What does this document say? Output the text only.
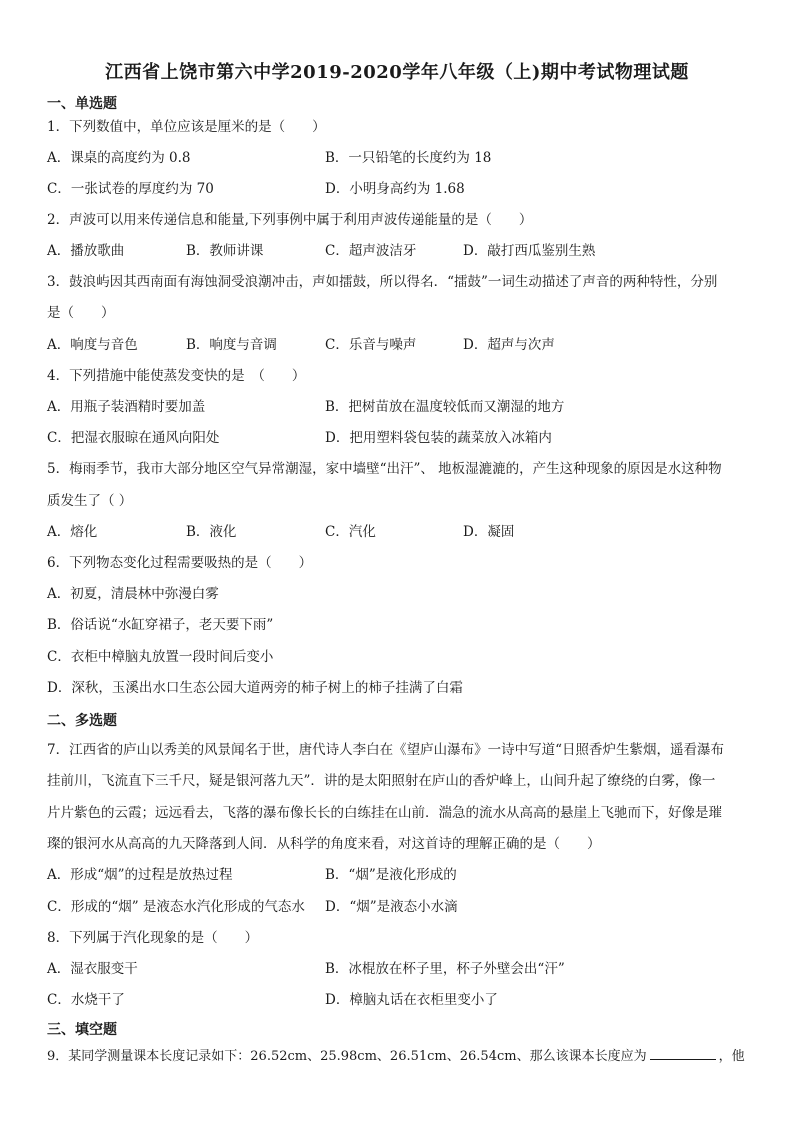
江西省上饶市第六中学2019-2020学年八年级（上)期中考试物理试题
一、单选题
1．下列数值中，单位应该是厘米的是（　　）
A．课桌的高度约为 0.8	B．一只铅笔的长度约为 18
C．一张试卷的厚度约为 70	D．小明身高约为 1.68
2．声波可以用来传递信息和能量,下列事例中属于利用声波传递能量的是（　　）
A．播放歌曲	B．教师讲课	C．超声波洁牙	D．敲打西瓜鉴别生熟
3．鼓浪屿因其西南面有海蚀洞受浪潮冲击，声如擂鼓，所以得名．“擂鼓”一词生动描述了声音的两种特性，分别
是（　　）
A．响度与音色	B．响度与音调	C．乐音与噪声	D．超声与次声
4．下列措施中能使蒸发变快的是　（　　）
A．用瓶子装酒精时要加盖	B．把树苗放在温度较低而又潮湿的地方
C．把湿衣服晾在通风向阳处	D．把用塑料袋包装的蔬菜放入冰箱内
5．梅雨季节，我市大部分地区空气异常潮湿，家中墙壁“出汗”、 地板湿漉漉的，产生这种现象的原因是水这种物
质发生了（ ）
A．熔化	B．液化	C．汽化	D．凝固
6．下列物态变化过程需要吸热的是（　　）
A．初夏，清晨林中弥漫白雾
B．俗话说“水缸穿裙子，老天要下雨”
C．衣柜中樟脑丸放置一段时间后变小
D．深秋，玉溪出水口生态公园大道两旁的柿子树上的柿子挂满了白霜
二、多选题
7．江西省的庐山以秀美的风景闻名于世，唐代诗人李白在《望庐山瀑布》一诗中写道“日照香炉生紫烟，遥看瀑布
挂前川，飞流直下三千尺，疑是银河落九天”．讲的是太阳照射在庐山的香炉峰上，山间升起了缭绕的白雾，像一
片片紫色的云霞；远远看去，飞落的瀑布像长长的白练挂在山前．湍急的流水从高高的悬崖上飞驰而下，好像是璀
璨的银河水从高高的九天降落到人间．从科学的角度来看，对这首诗的理解正确的是（　　）
A．形成“烟”的过程是放热过程	B．“烟”是液化形成的
C．形成的“烟” 是液态水汽化形成的气态水 D．“烟”是液态小水滴
8．下列属于汽化现象的是（　　）
A．湿衣服变干	B．冰棍放在杯子里，杯子外壁会出“汗”
C．水烧干了	D．樟脑丸话在衣柜里变小了
三、填空题
9．某同学测量课本长度记录如下：26.52cm、25.98cm、26.51cm、26.54cm、那么该课本长度应为	，他
